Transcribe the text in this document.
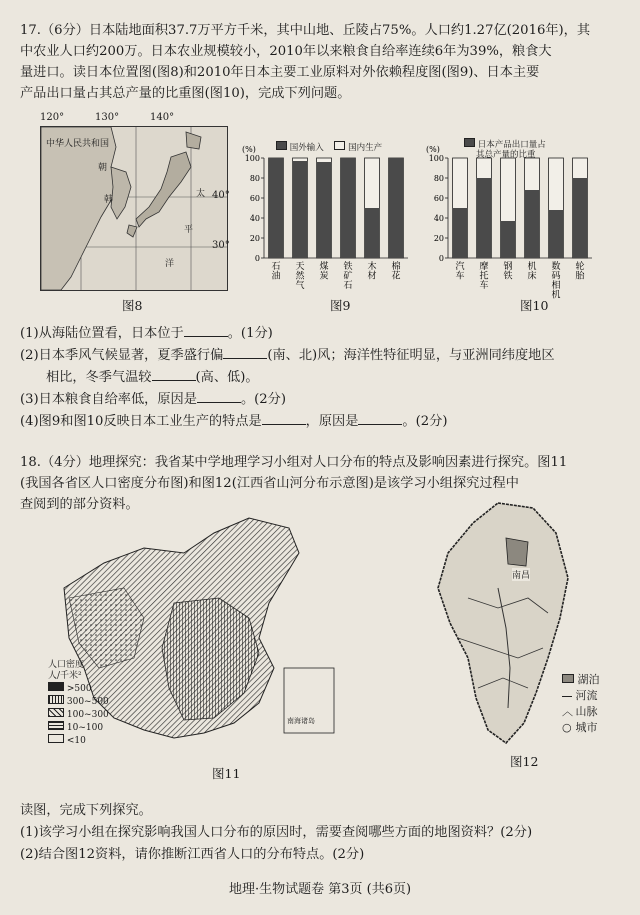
17.（6分）日本陆地面积37.7万平方千米，其中山地、丘陵占75%。人口约1.27亿(2016年)，其
中农业人口约200万。日本农业规模较小，2010年以来粮食自给率连续6年为39%，粮食大
量进口。读日本位置图(图8)和2010年日本主要工业原料对外依赖程度图(图9)、日本主要
产品出口量占其总产量的比重图(图10)，完成下列问题。
120°	130°	140°
40°
30°
中华人民共和国
朝
韩
太
平
洋
图8
(%)
0
20
40
60
80
100
石
油
天
然
气
煤
炭
铁
矿
石
木
材
棉
花
国外输入	国内生产
图9
(%)
0
20
40
60
80
100
汽
车
摩
托
车
钢
铁
机
床
数
码
相
机
轮
胎
日本产品出口量占
其总产量的比重
图10
(1)从海陆位置看，日本位于	。(1分)
(2)日本季风气候显著，夏季盛行偏	(南、北)风；海洋性特征明显，与亚洲同纬度地区
相比，冬季气温较	(高、低)。
(3)日本粮食自给率低，原因是	。(2分)
(4)图9和图10反映日本工业生产的特点是	，原因是	。(2分)
18.（4分）地理探究：我省某中学地理学习小组对人口分布的特点及影响因素进行探究。图11
(我国各省区人口密度分布图)和图12(江西省山河分布示意图)是该学习小组探究过程中
查阅到的部分资料。
南海诸岛
人口密度
人/千米²
>500
300~500
100~300
10~100
<10
图11
南昌
湖泊
河流
︿ 山脉
○ 城市
图12
读图，完成下列探究。
(1)该学习小组在探究影响我国人口分布的原因时，需要查阅哪些方面的地图资料？(2分)
(2)结合图12资料，请你推断江西省人口的分布特点。(2分)
地理·生物试题卷 第3页 (共6页)
